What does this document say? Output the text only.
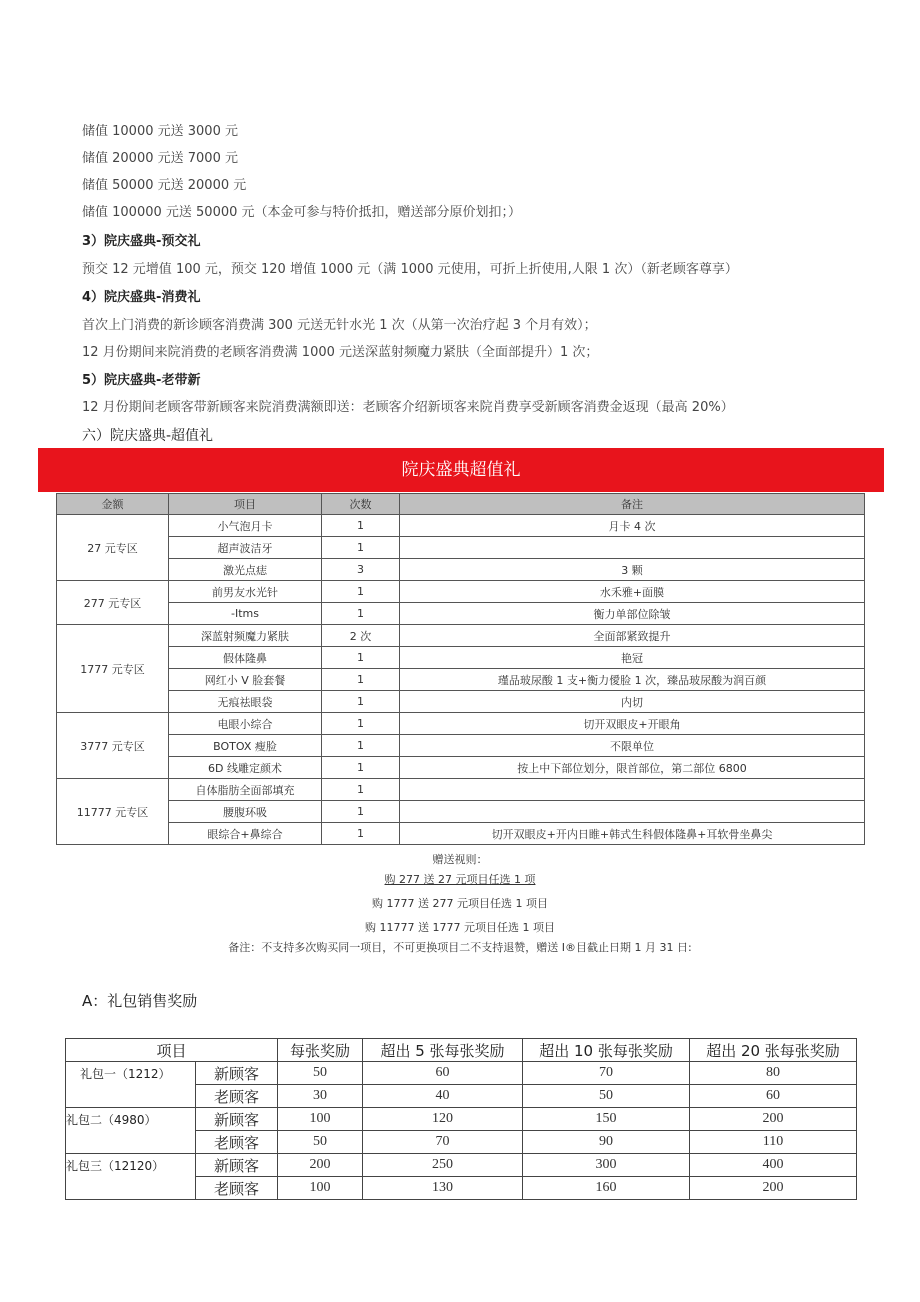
储值 10000 元送 3000 元
储值 20000 元送 7000 元
储值 50000 元送 20000 元
储值 100000 元送 50000 元（本金可参与特价抵扣，赠送部分原价划扣；）
3）院庆盛典-预交礼
预交 12 元增值 100 元，预交 120 增值 1000 元（满 1000 元使用，可折上折使用,人限 1 次）（新老顾客尊享）
4）院庆盛典-消费礼
首次上门消费的新诊顾客消费满 300 元送无针水光 1 次（从第一次治疗起 3 个月有效）；
12 月份期间来院消费的老顾客消费满 1000 元送深蓝射频魔力紧肤（全面部提升）1 次；
5）院庆盛典-老带新
12 月份期间老顾客带新顾客来院消费满额即送：老顾客介绍新顷客来院肖费享受新顾客消费金返现（最高 20%）
六）院庆盛典-超值礼
院庆盛典超值礼
金额	项目	次数	备注
27 元专区	小气泡月卡	1	月卡 4 次
	超声波洁牙	1	
	激光点痣	3	3 颗
277 元专区	前男友水光针	1	水禾雅+面膜
	-Itms	1	衡力单部位除皱
1777 元专区	深蓝射频魔力紧肤	2 次	全面部紧致提升
	假体隆鼻	1	艳冠
	网红小 V 脸套餐	1	瑾品玻尿酸 1 支+衡力僾脸 1 次，臻品玻尿酸为润百颜
	无痕祛眼袋	1	内切
3777 元专区	电眼小综合	1	切开双眼皮+开眼角
	BOTOX 瘦脸	1	不限单位
	6D 线雕定颜术	1	按上中下部位划分，限首部位，第二部位 6800
11777 元专区	自体脂肪全面部填充	1	
	腰腹环吸	1	
	眼综合+鼻综合	1	切开双眼皮+开内日睢+韩式生科假体隆鼻+耳软骨坐鼻尖
赠送视则：
购 277 送 27 元项目任选 1 项
购 1777 送 277 元项目任选 1 项目
购 11777 送 1777 元项目任选 1 项目
备注：不支持多次购买同一项目，不可更换项目二不支持退赞，赠送 I®目截止日期 1 月 31 日:
A：礼包销售奖励
项目		每张奖励	超出 5 张每张奖励	超出 10 张每张奖励	超出 20 张每张奖励
礼包一（1212）	新顾客	50	60	70	80
	老顾客	30	40	50	60
礼包二（4980）	新顾客	100	120	150	200
	老顾客	50	70	90	110
礼包三（12120）	新顾客	200	250	300	400
	老顾客	100	130	160	200
